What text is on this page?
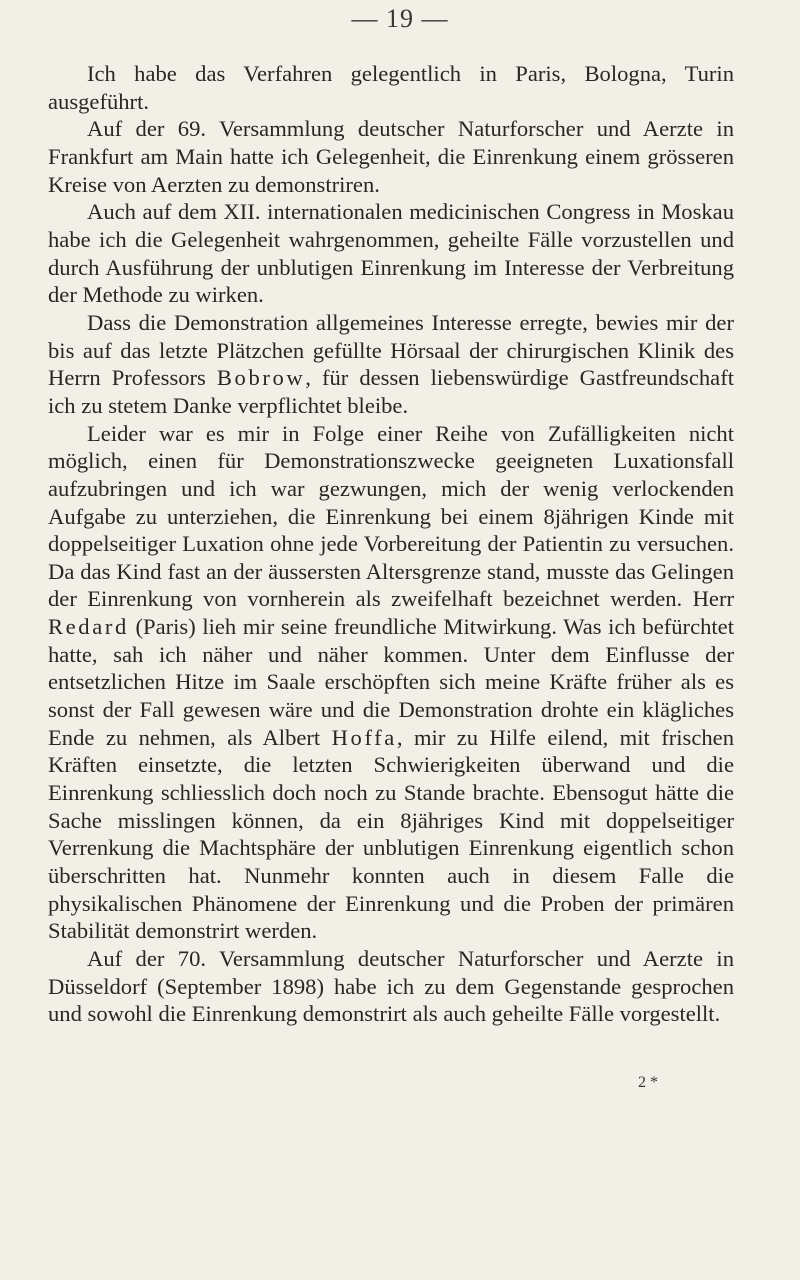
— 19 —

Ich habe das Verfahren gelegentlich in Paris, Bologna, Turin ausgeführt.

Auf der 69. Versammlung deutscher Naturforscher und Aerzte in Frankfurt am Main hatte ich Gelegenheit, die Einrenkung einem grösseren Kreise von Aerzten zu demonstriren.

Auch auf dem XII. internationalen medicinischen Congress in Moskau habe ich die Gelegenheit wahrgenommen, geheilte Fälle vorzustellen und durch Ausführung der unblutigen Einrenkung im Interesse der Verbreitung der Methode zu wirken.

Dass die Demonstration allgemeines Interesse erregte, bewies mir der bis auf das letzte Plätzchen gefüllte Hörsaal der chirurgischen Klinik des Herrn Professors Bobrow, für dessen liebenswürdige Gastfreundschaft ich zu stetem Danke verpflichtet bleibe.

Leider war es mir in Folge einer Reihe von Zufälligkeiten nicht möglich, einen für Demonstrationszwecke geeigneten Luxationsfall aufzubringen und ich war gezwungen, mich der wenig verlockenden Aufgabe zu unterziehen, die Einrenkung bei einem 8jährigen Kinde mit doppelseitiger Luxation ohne jede Vorbereitung der Patientin zu versuchen. Da das Kind fast an der äussersten Altersgrenze stand, musste das Gelingen der Einrenkung von vornherein als zweifelhaft bezeichnet werden. Herr Redard (Paris) lieh mir seine freundliche Mitwirkung. Was ich befürchtet hatte, sah ich näher und näher kommen. Unter dem Einflusse der entsetzlichen Hitze im Saale erschöpften sich meine Kräfte früher als es sonst der Fall gewesen wäre und die Demonstration drohte ein klägliches Ende zu nehmen, als Albert Hoffa, mir zu Hilfe eilend, mit frischen Kräften einsetzte, die letzten Schwierigkeiten überwand und die Einrenkung schliesslich doch noch zu Stande brachte. Ebensogut hätte die Sache misslingen können, da ein 8jähriges Kind mit doppelseitiger Verrenkung die Machtsphäre der unblutigen Einrenkung eigentlich schon überschritten hat. Nunmehr konnten auch in diesem Falle die physikalischen Phänomene der Einrenkung und die Proben der primären Stabilität demonstrirt werden.

Auf der 70. Versammlung deutscher Naturforscher und Aerzte in Düsseldorf (September 1898) habe ich zu dem Gegenstande gesprochen und sowohl die Einrenkung demonstrirt als auch geheilte Fälle vorgestellt.

2 *
